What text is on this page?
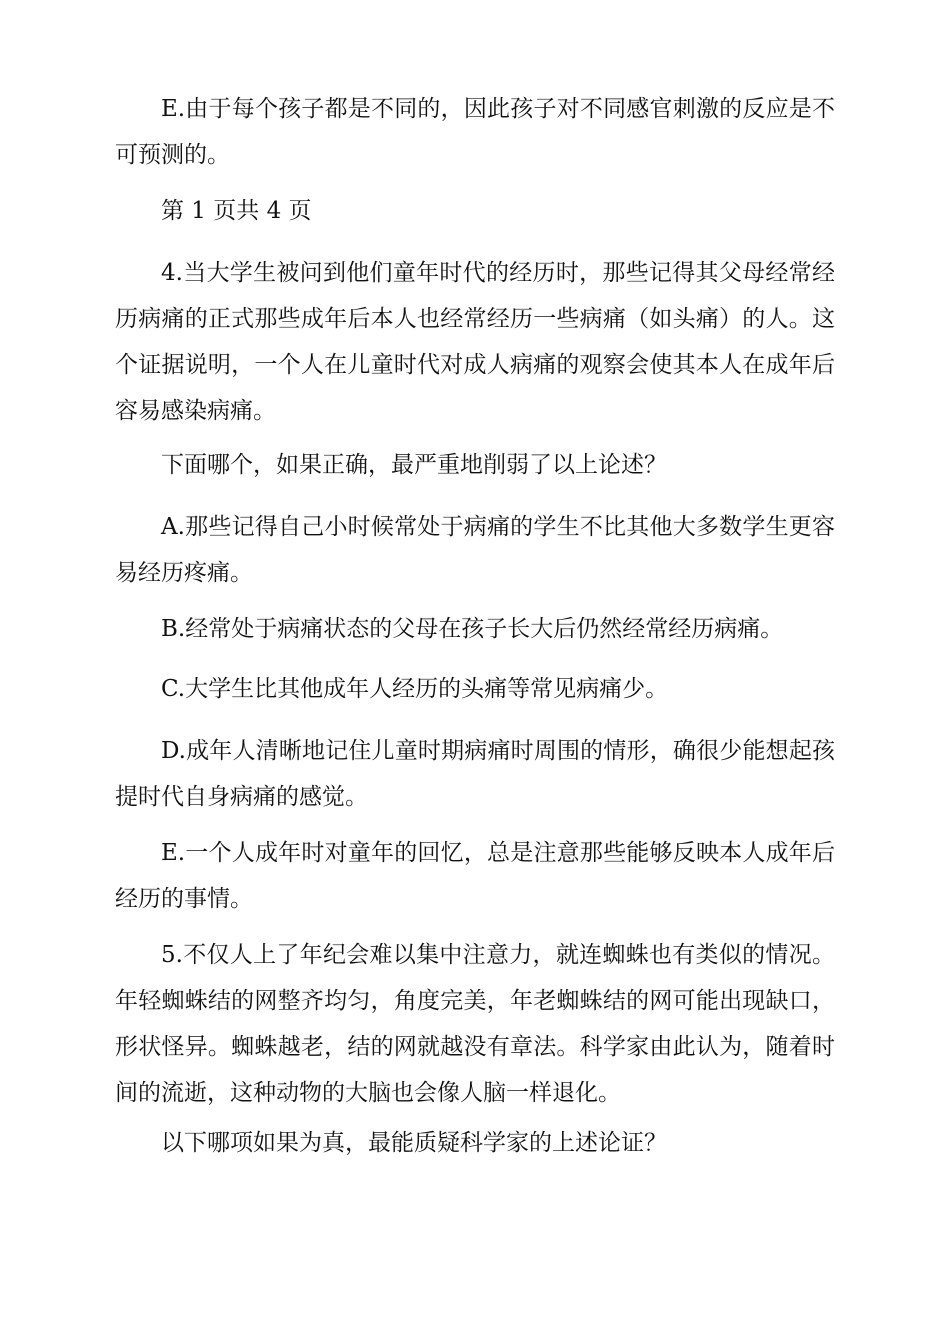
E.由于每个孩子都是不同的，因此孩子对不同感官刺激的反应是不可预测的。

第 1 页共 4 页

4.当大学生被问到他们童年时代的经历时，那些记得其父母经常经历病痛的正式那些成年后本人也经常经历一些病痛（如头痛）的人。这个证据说明，一个人在儿童时代对成人病痛的观察会使其本人在成年后容易感染病痛。

下面哪个，如果正确，最严重地削弱了以上论述？

A.那些记得自己小时候常处于病痛的学生不比其他大多数学生更容易经历疼痛。

B.经常处于病痛状态的父母在孩子长大后仍然经常经历病痛。

C.大学生比其他成年人经历的头痛等常见病痛少。

D.成年人清晰地记住儿童时期病痛时周围的情形，确很少能想起孩提时代自身病痛的感觉。

E.一个人成年时对童年的回忆，总是注意那些能够反映本人成年后经历的事情。

5.不仅人上了年纪会难以集中注意力，就连蜘蛛也有类似的情况。年轻蜘蛛结的网整齐均匀，角度完美，年老蜘蛛结的网可能出现缺口，形状怪异。蜘蛛越老，结的网就越没有章法。科学家由此认为，随着时间的流逝，这种动物的大脑也会像人脑一样退化。

以下哪项如果为真，最能质疑科学家的上述论证？
